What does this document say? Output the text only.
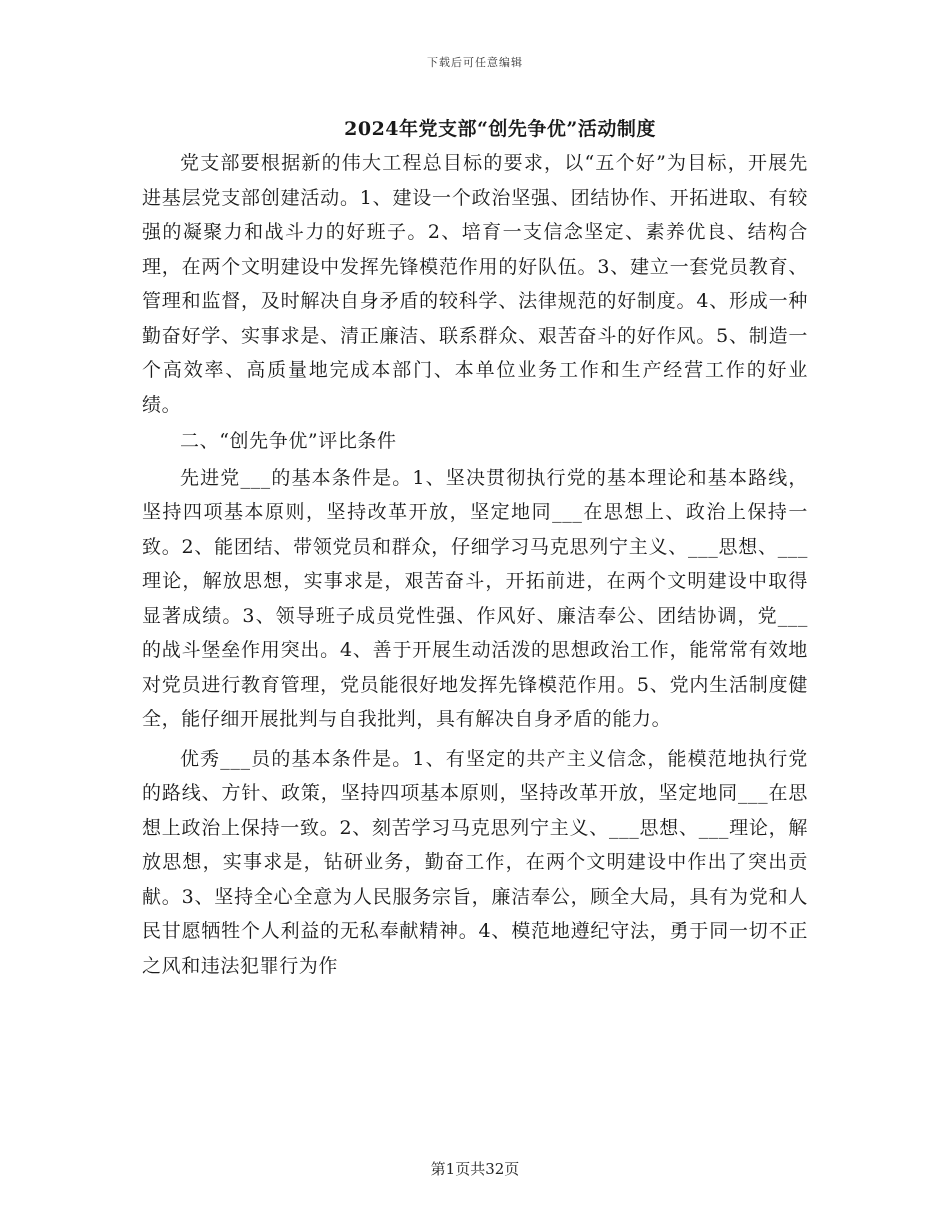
下载后可任意编辑
2024年党支部“创先争优”活动制度

党支部要根据新的伟大工程总目标的要求，以“五个好”为目标，开展先进基层党支部创建活动。1、建设一个政治坚强、团结协作、开拓进取、有较强的凝聚力和战斗力的好班子。2、培育一支信念坚定、素养优良、结构合理，在两个文明建设中发挥先锋模范作用的好队伍。3、建立一套党员教育、管理和监督，及时解决自身矛盾的较科学、法律规范的好制度。4、形成一种勤奋好学、实事求是、清正廉洁、联系群众、艰苦奋斗的好作风。5、制造一个高效率、高质量地完成本部门、本单位业务工作和生产经营工作的好业绩。

二、“创先争优”评比条件

先进党___的基本条件是。1、坚决贯彻执行党的基本理论和基本路线，坚持四项基本原则，坚持改革开放，坚定地同___在思想上、政治上保持一致。2、能团结、带领党员和群众，仔细学习马克思列宁主义、___思想、___理论，解放思想，实事求是，艰苦奋斗，开拓前进，在两个文明建设中取得显著成绩。3、领导班子成员党性强、作风好、廉洁奉公、团结协调，党___的战斗堡垒作用突出。4、善于开展生动活泼的思想政治工作，能常常有效地对党员进行教育管理，党员能很好地发挥先锋模范作用。5、党内生活制度健全，能仔细开展批判与自我批判，具有解决自身矛盾的能力。

优秀___员的基本条件是。1、有坚定的共产主义信念，能模范地执行党的路线、方针、政策，坚持四项基本原则，坚持改革开放，坚定地同___在思想上政治上保持一致。2、刻苦学习马克思列宁主义、___思想、___理论，解放思想，实事求是，钻研业务，勤奋工作，在两个文明建设中作出了突出贡献。3、坚持全心全意为人民服务宗旨，廉洁奉公，顾全大局，具有为党和人民甘愿牺牲个人利益的无私奉献精神。4、模范地遵纪守法，勇于同一切不正之风和违法犯罪行为作

第1页共32页
